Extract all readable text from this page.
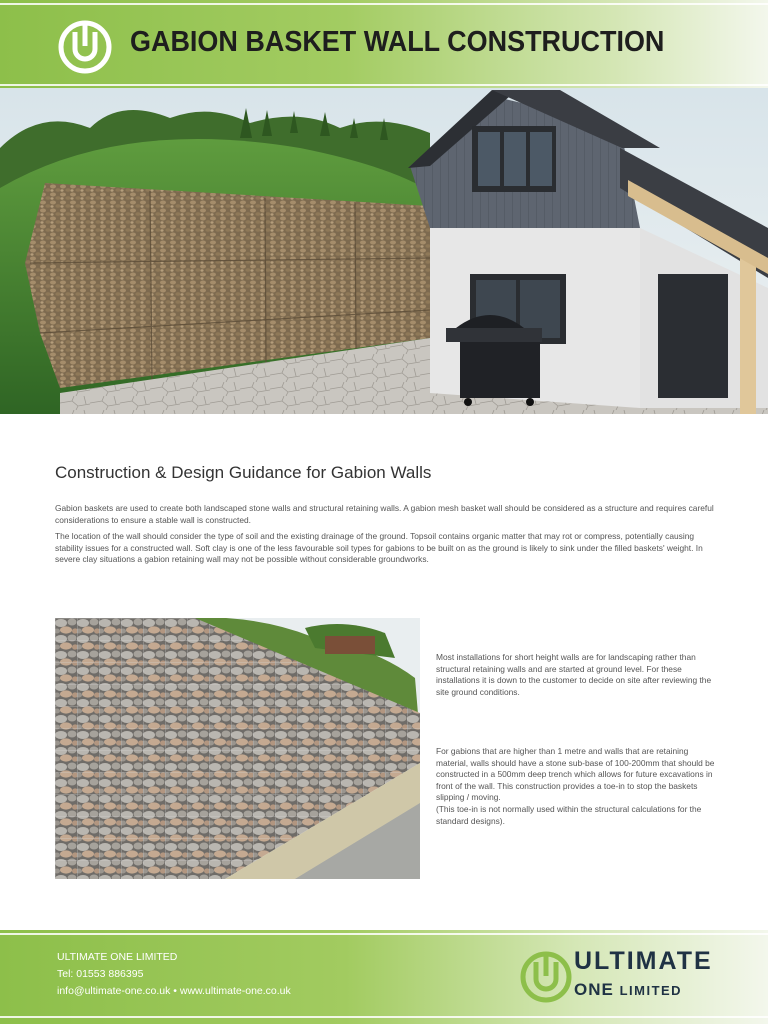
GABION BASKET WALL CONSTRUCTION
Construction & Design Guidance for Gabion Walls

Gabion baskets are used to create both landscaped stone walls and structural retaining walls. A gabion mesh basket wall should be considered as a structure and requires careful considerations to ensure a stable wall is constructed.

The location of the wall should consider the type of soil and the existing drainage of the ground. Topsoil contains organic matter that may rot or compress, potentially causing stability issues for a constructed wall. Soft clay is one of the less favourable soil types for gabions to be built on as the ground is likely to sink under the filled baskets' weight. In severe clay situations a gabion retaining wall may not be possible without considerable groundworks.

Most installations for short height walls are for landscaping rather than structural retaining walls and are started at ground level. For these installations it is down to the customer to decide on site after reviewing the site ground conditions.

For gabions that are higher than 1 metre and walls that are retaining material, walls should have a stone sub-base of 100-200mm that should be constructed in a 500mm deep trench which allows for future excavations in front of the wall. This construction provides a toe-in to stop the baskets slipping / moving.
(This toe-in is not normally used within the structural calculations for the standard designs).
ULTIMATE ONE LIMITED
Tel: 01553 886395
info@ultimate-one.co.uk • www.ultimate-one.co.uk
ULTIMATE
ONE LIMITED
